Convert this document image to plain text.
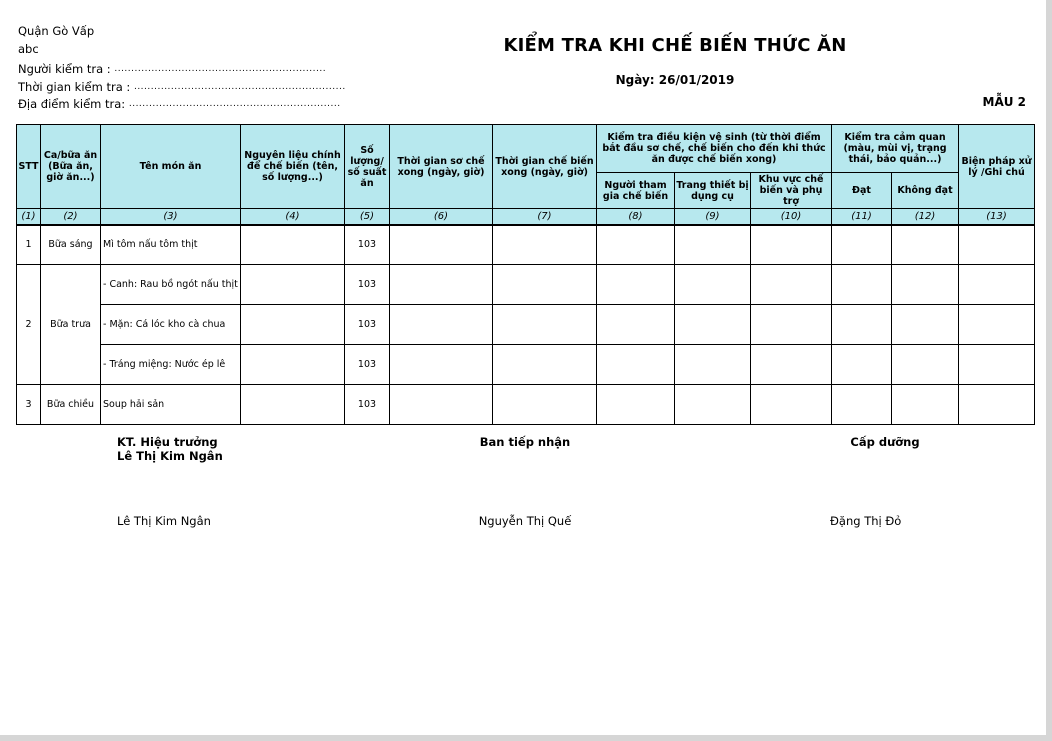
Quận Gò Vấp
abc
Người kiểm tra : ...............................................................
Thời gian kiểm tra : ...............................................................
Địa điểm kiểm tra: ...............................................................
KIỂM TRA KHI CHẾ BIẾN THỨC ĂN
Ngày: 26/01/2019
MẪU 2
STT	Ca/bữa ăn (Bữa ăn, giờ ăn...)	Tên món ăn	Nguyên liệu chính để chế biến (tên, số lượng...)	Số lượng/ số suất ăn	Thời gian sơ chế xong (ngày, giờ)	Thời gian chế biến xong (ngày, giờ)	Kiểm tra điều kiện vệ sinh (từ thời điểm bắt đầu sơ chế, chế biến cho đến khi thức ăn được chế biến xong)			Kiểm tra cảm quan (màu, mùi vị, trạng thái, bảo quản...)		Biện pháp xử lý /Ghi chú
							Người tham gia chế biến	Trang thiết bị dụng cụ	Khu vực chế biến và phụ trợ	Đạt	Không đạt	
(1)	(2)	(3)	(4)	(5)	(6)	(7)	(8)	(9)	(10)	(11)	(12)	(13)
1	Bữa sáng	Mì tôm nấu tôm thịt		103								
2	Bữa trưa	- Canh: Rau bồ ngót nấu thịt		103								
		- Mặn: Cá lóc kho cà chua		103								
		- Tráng miệng: Nước ép lê		103								
3	Bữa chiều	Soup hải sản		103								
KT. Hiệu trưởng
Lê Thị Kim Ngân
Lê Thị Kim Ngân
Ban tiếp nhận
Nguyễn Thị Quế
Cấp dưỡng
Đặng Thị Đỏ
